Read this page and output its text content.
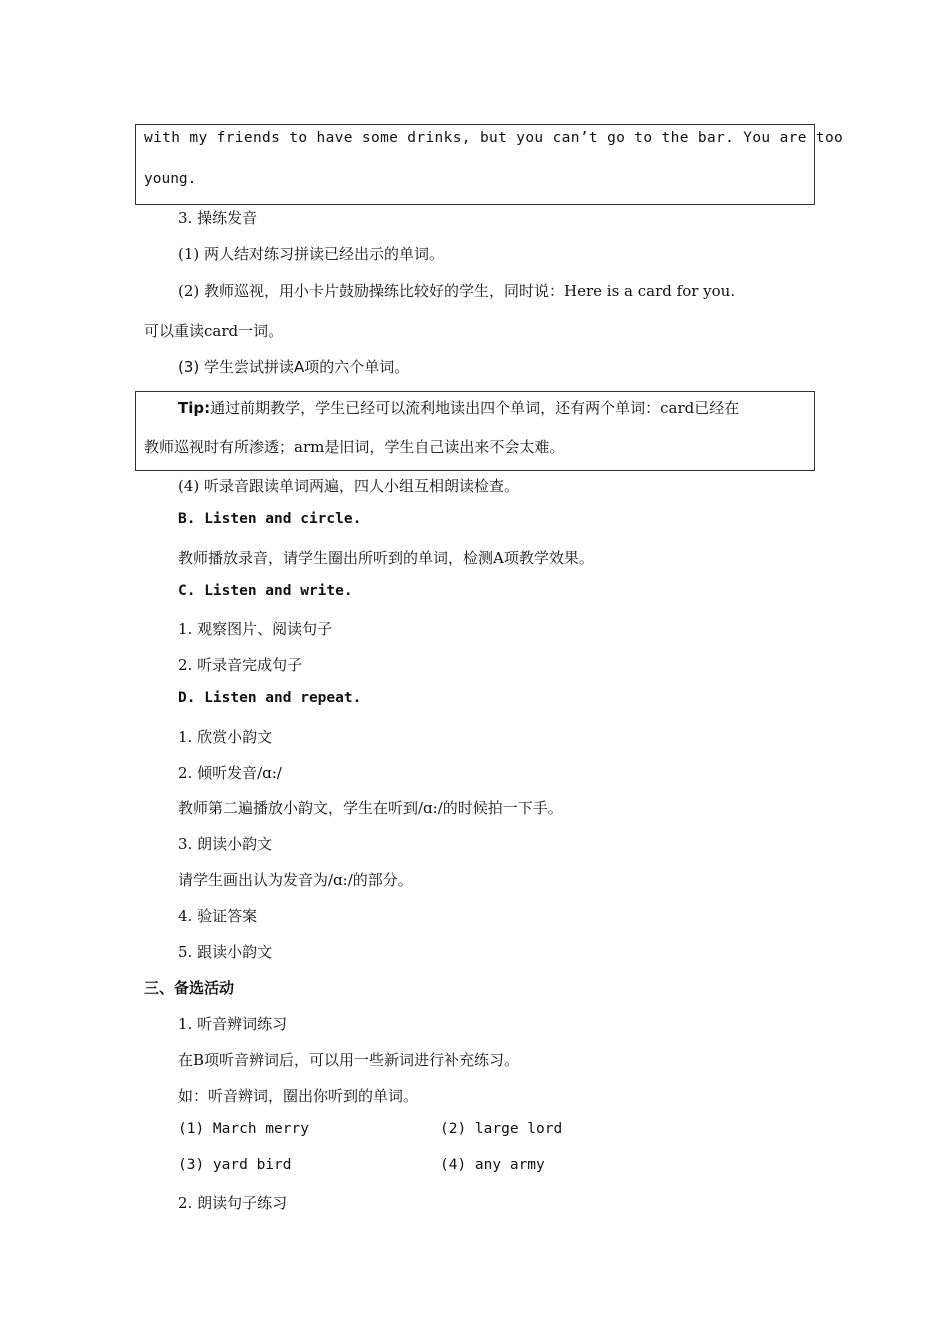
with my friends to have some drinks, but you can’t go to the bar. You are too
young.
3. 操练发音
(1) 两人结对练习拼读已经出示的单词。
(2) 教师巡视，用小卡片鼓励操练比较好的学生，同时说：Here is a card for you.
可以重读card一词。
(3) 学生尝试拼读A项的六个单词。
Tip:通过前期教学，学生已经可以流利地读出四个单词，还有两个单词：card已经在
教师巡视时有所渗透；arm是旧词，学生自己读出来不会太难。
(4) 听录音跟读单词两遍，四人小组互相朗读检查。
B. Listen and circle.
教师播放录音，请学生圈出所听到的单词，检测A项教学效果。
C. Listen and write.
1. 观察图片、阅读句子
2. 听录音完成句子
D. Listen and repeat.
1. 欣赏小韵文
2. 倾听发音/ɑ:/
教师第二遍播放小韵文，学生在听到/ɑ:/的时候拍一下手。
3. 朗读小韵文
请学生画出认为发音为/ɑ:/的部分。
4. 验证答案
5. 跟读小韵文
三、备选活动
1. 听音辨词练习
在B项听音辨词后，可以用一些新词进行补充练习。
如：听音辨词，圈出你听到的单词。
(1) March merry	(2) large lord
(3) yard bird	(4) any army
2. 朗读句子练习
